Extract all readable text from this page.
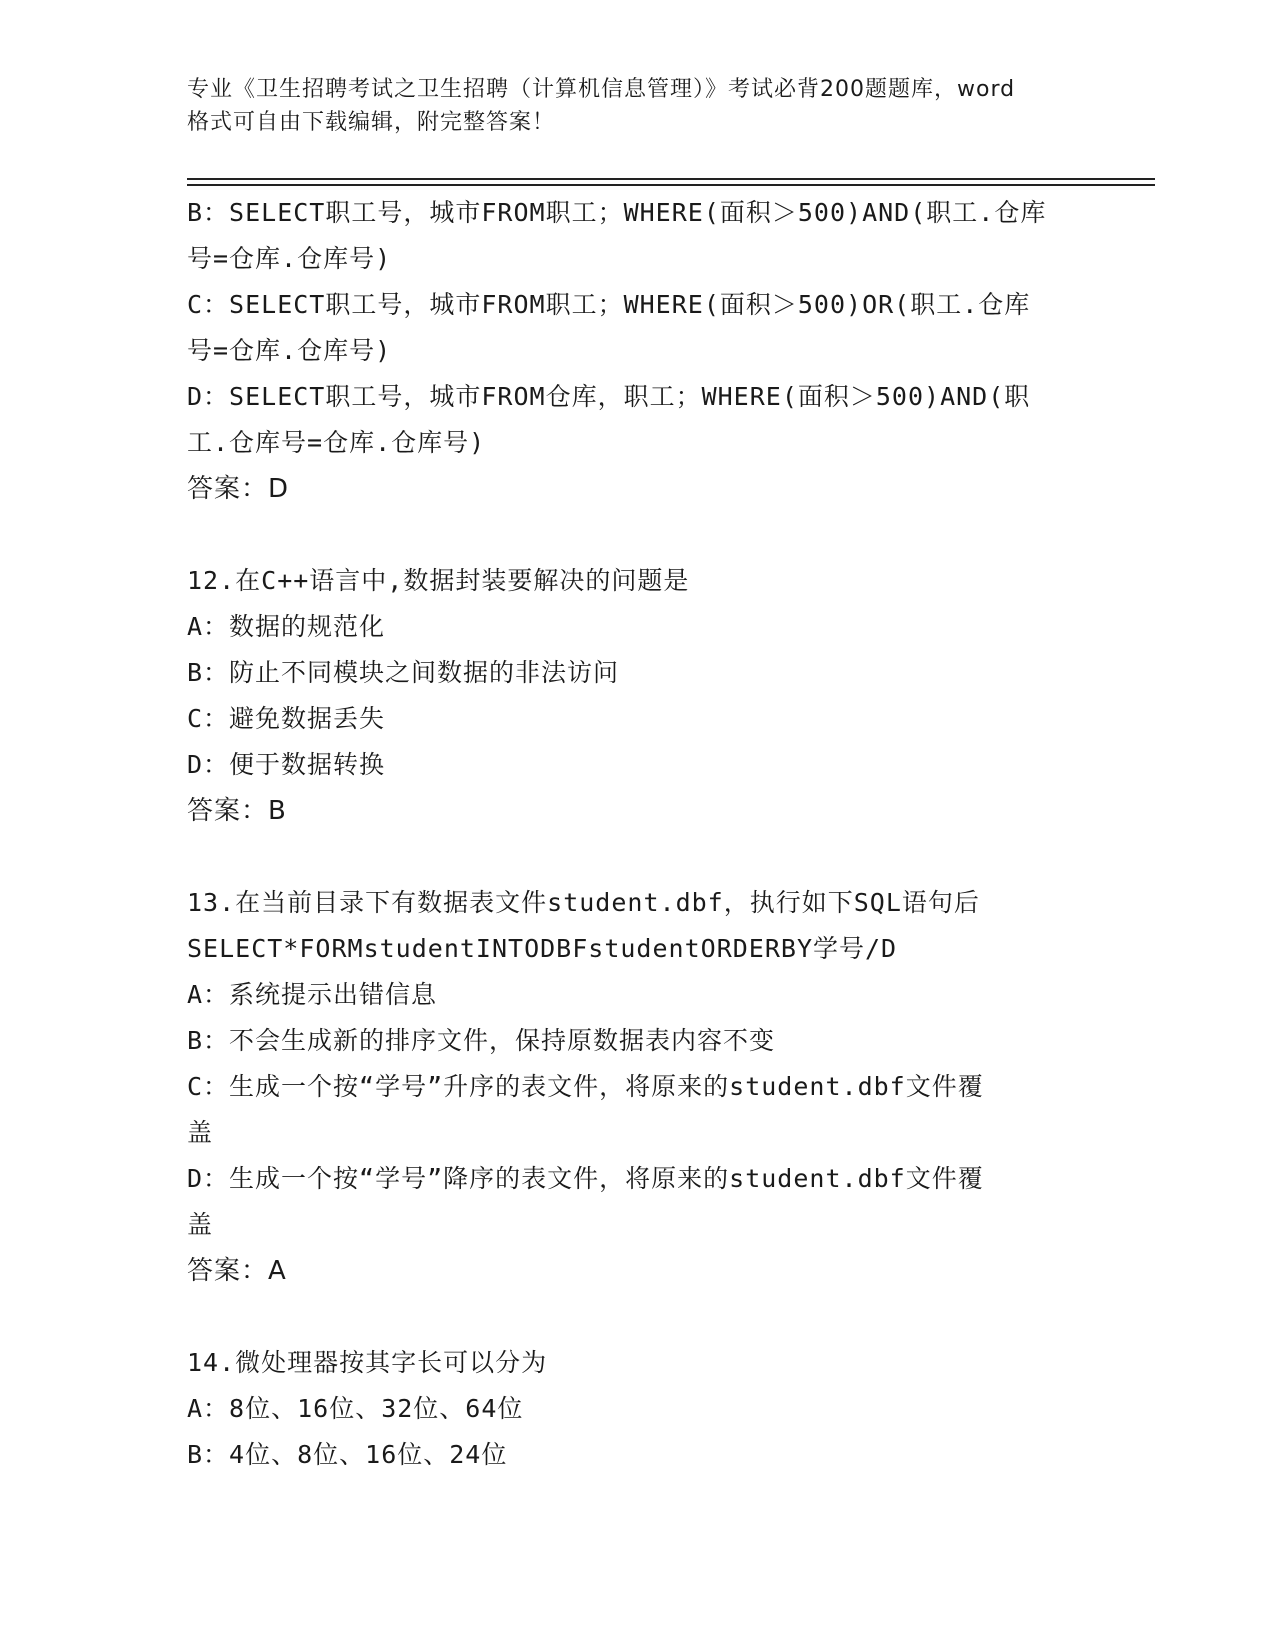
专业《卫生招聘考试之卫生招聘（计算机信息管理）》考试必背200题题库，word
格式可自由下载编辑，附完整答案！
B：SELECT职工号，城市FROM职工；WHERE(面积＞500)AND(职工.仓库
号=仓库.仓库号)
C：SELECT职工号，城市FROM职工；WHERE(面积＞500)OR(职工.仓库
号=仓库.仓库号)
D：SELECT职工号，城市FROM仓库，职工；WHERE(面积＞500)AND(职
工.仓库号=仓库.仓库号)
答案：D
12.在C++语言中,数据封装要解决的问题是
A：数据的规范化
B：防止不同模块之间数据的非法访问
C：避免数据丢失
D：便于数据转换
答案：B
13.在当前目录下有数据表文件student.dbf，执行如下SQL语句后
SELECT*FORMstudentINTODBFstudentORDERBY学号/D
A：系统提示出错信息
B：不会生成新的排序文件，保持原数据表内容不变
C：生成一个按“学号”升序的表文件，将原来的student.dbf文件覆
盖
D：生成一个按“学号”降序的表文件，将原来的student.dbf文件覆
盖
答案：A
14.微处理器按其字长可以分为
A：8位、16位、32位、64位
B：4位、8位、16位、24位
